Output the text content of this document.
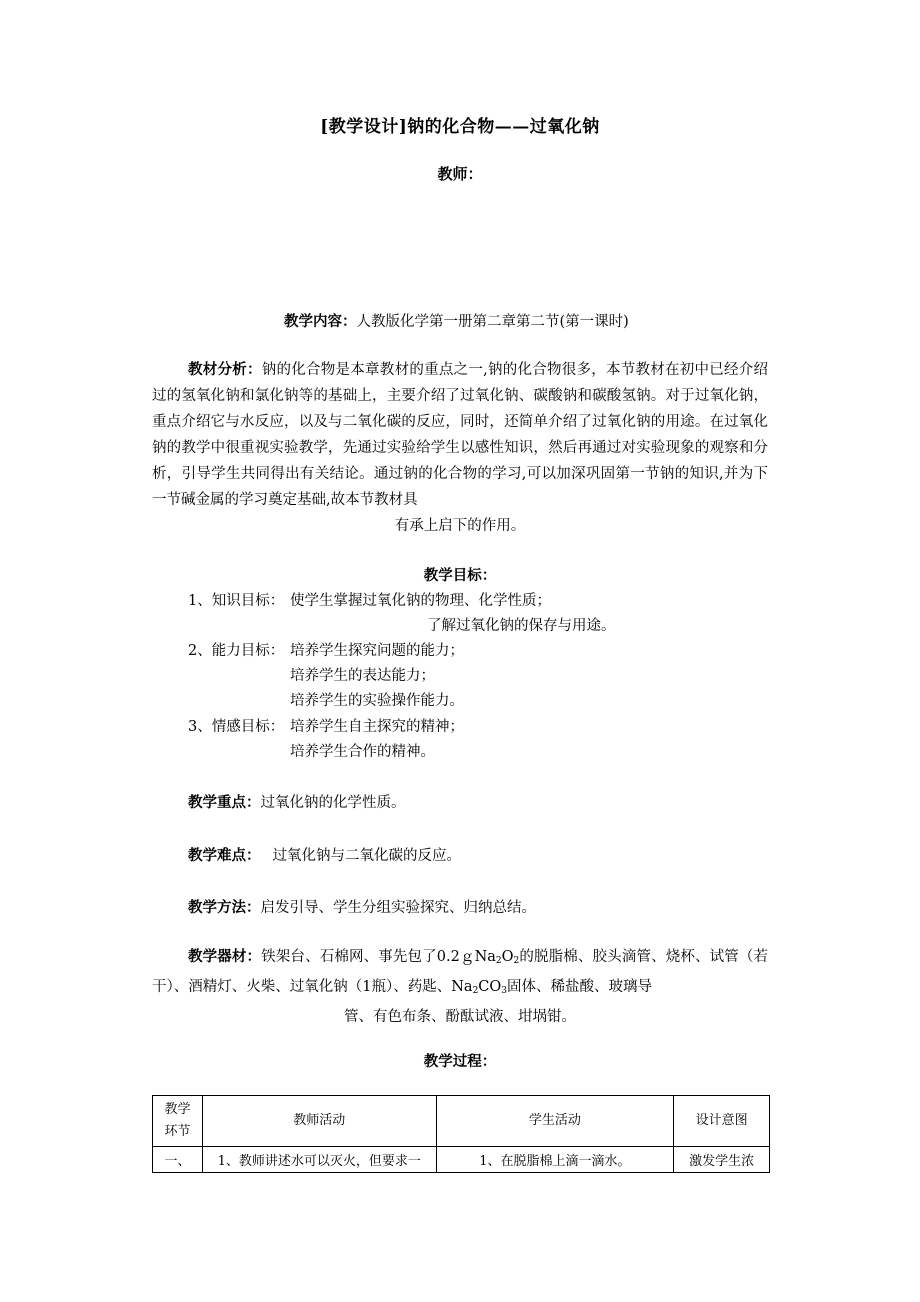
[教学设计]钠的化合物——过氧化钠
教师：
教学内容：人教版化学第一册第二章第二节(第一课时)
教材分析：钠的化合物是本章教材的重点之一,钠的化合物很多，本节教材在初中已经介绍过的氢氧化钠和氯化钠等的基础上，主要介绍了过氧化钠、碳酸钠和碳酸氢钠。对于过氧化钠，重点介绍它与水反应，以及与二氧化碳的反应，同时，还简单介绍了过氧化钠的用途。在过氧化钠的教学中很重视实验教学，先通过实验给学生以感性知识，然后再通过对实验现象的观察和分析，引导学生共同得出有关结论。通过钠的化合物的学习,可以加深巩固第一节钠的知识,并为下一节碱金属的学习奠定基础,故本节教材具
有承上启下的作用。
教学目标：
1、知识目标： 使学生掌握过氧化钠的物理、化学性质；
了解过氧化钠的保存与用途。
2、能力目标： 培养学生探究问题的能力；
培养学生的表达能力；
培养学生的实验操作能力。
3、情感目标： 培养学生自主探究的精神；
培养学生合作的精神。
教学重点：过氧化钠的化学性质。
教学难点： 过氧化钠与二氧化碳的反应。
教学方法：启发引导、学生分组实验探究、归纳总结。
教学器材：铁架台、石棉网、事先包了$0.2gNa_2O_2$的脱脂棉、胶头滴管、烧杯、试管（若干）、酒精灯、火柴、过氧化钠（1瓶）、药匙、$Na_2CO_3$固体、稀盐酸、玻璃导
管、有色布条、酚酞试液、坩埚钳。
教学过程：
教学
环节	教师活动	学生活动	设计意图
一、	1、教师讲述水可以灭火，但要求一	1、在脱脂棉上滴一滴水。	激发学生浓
